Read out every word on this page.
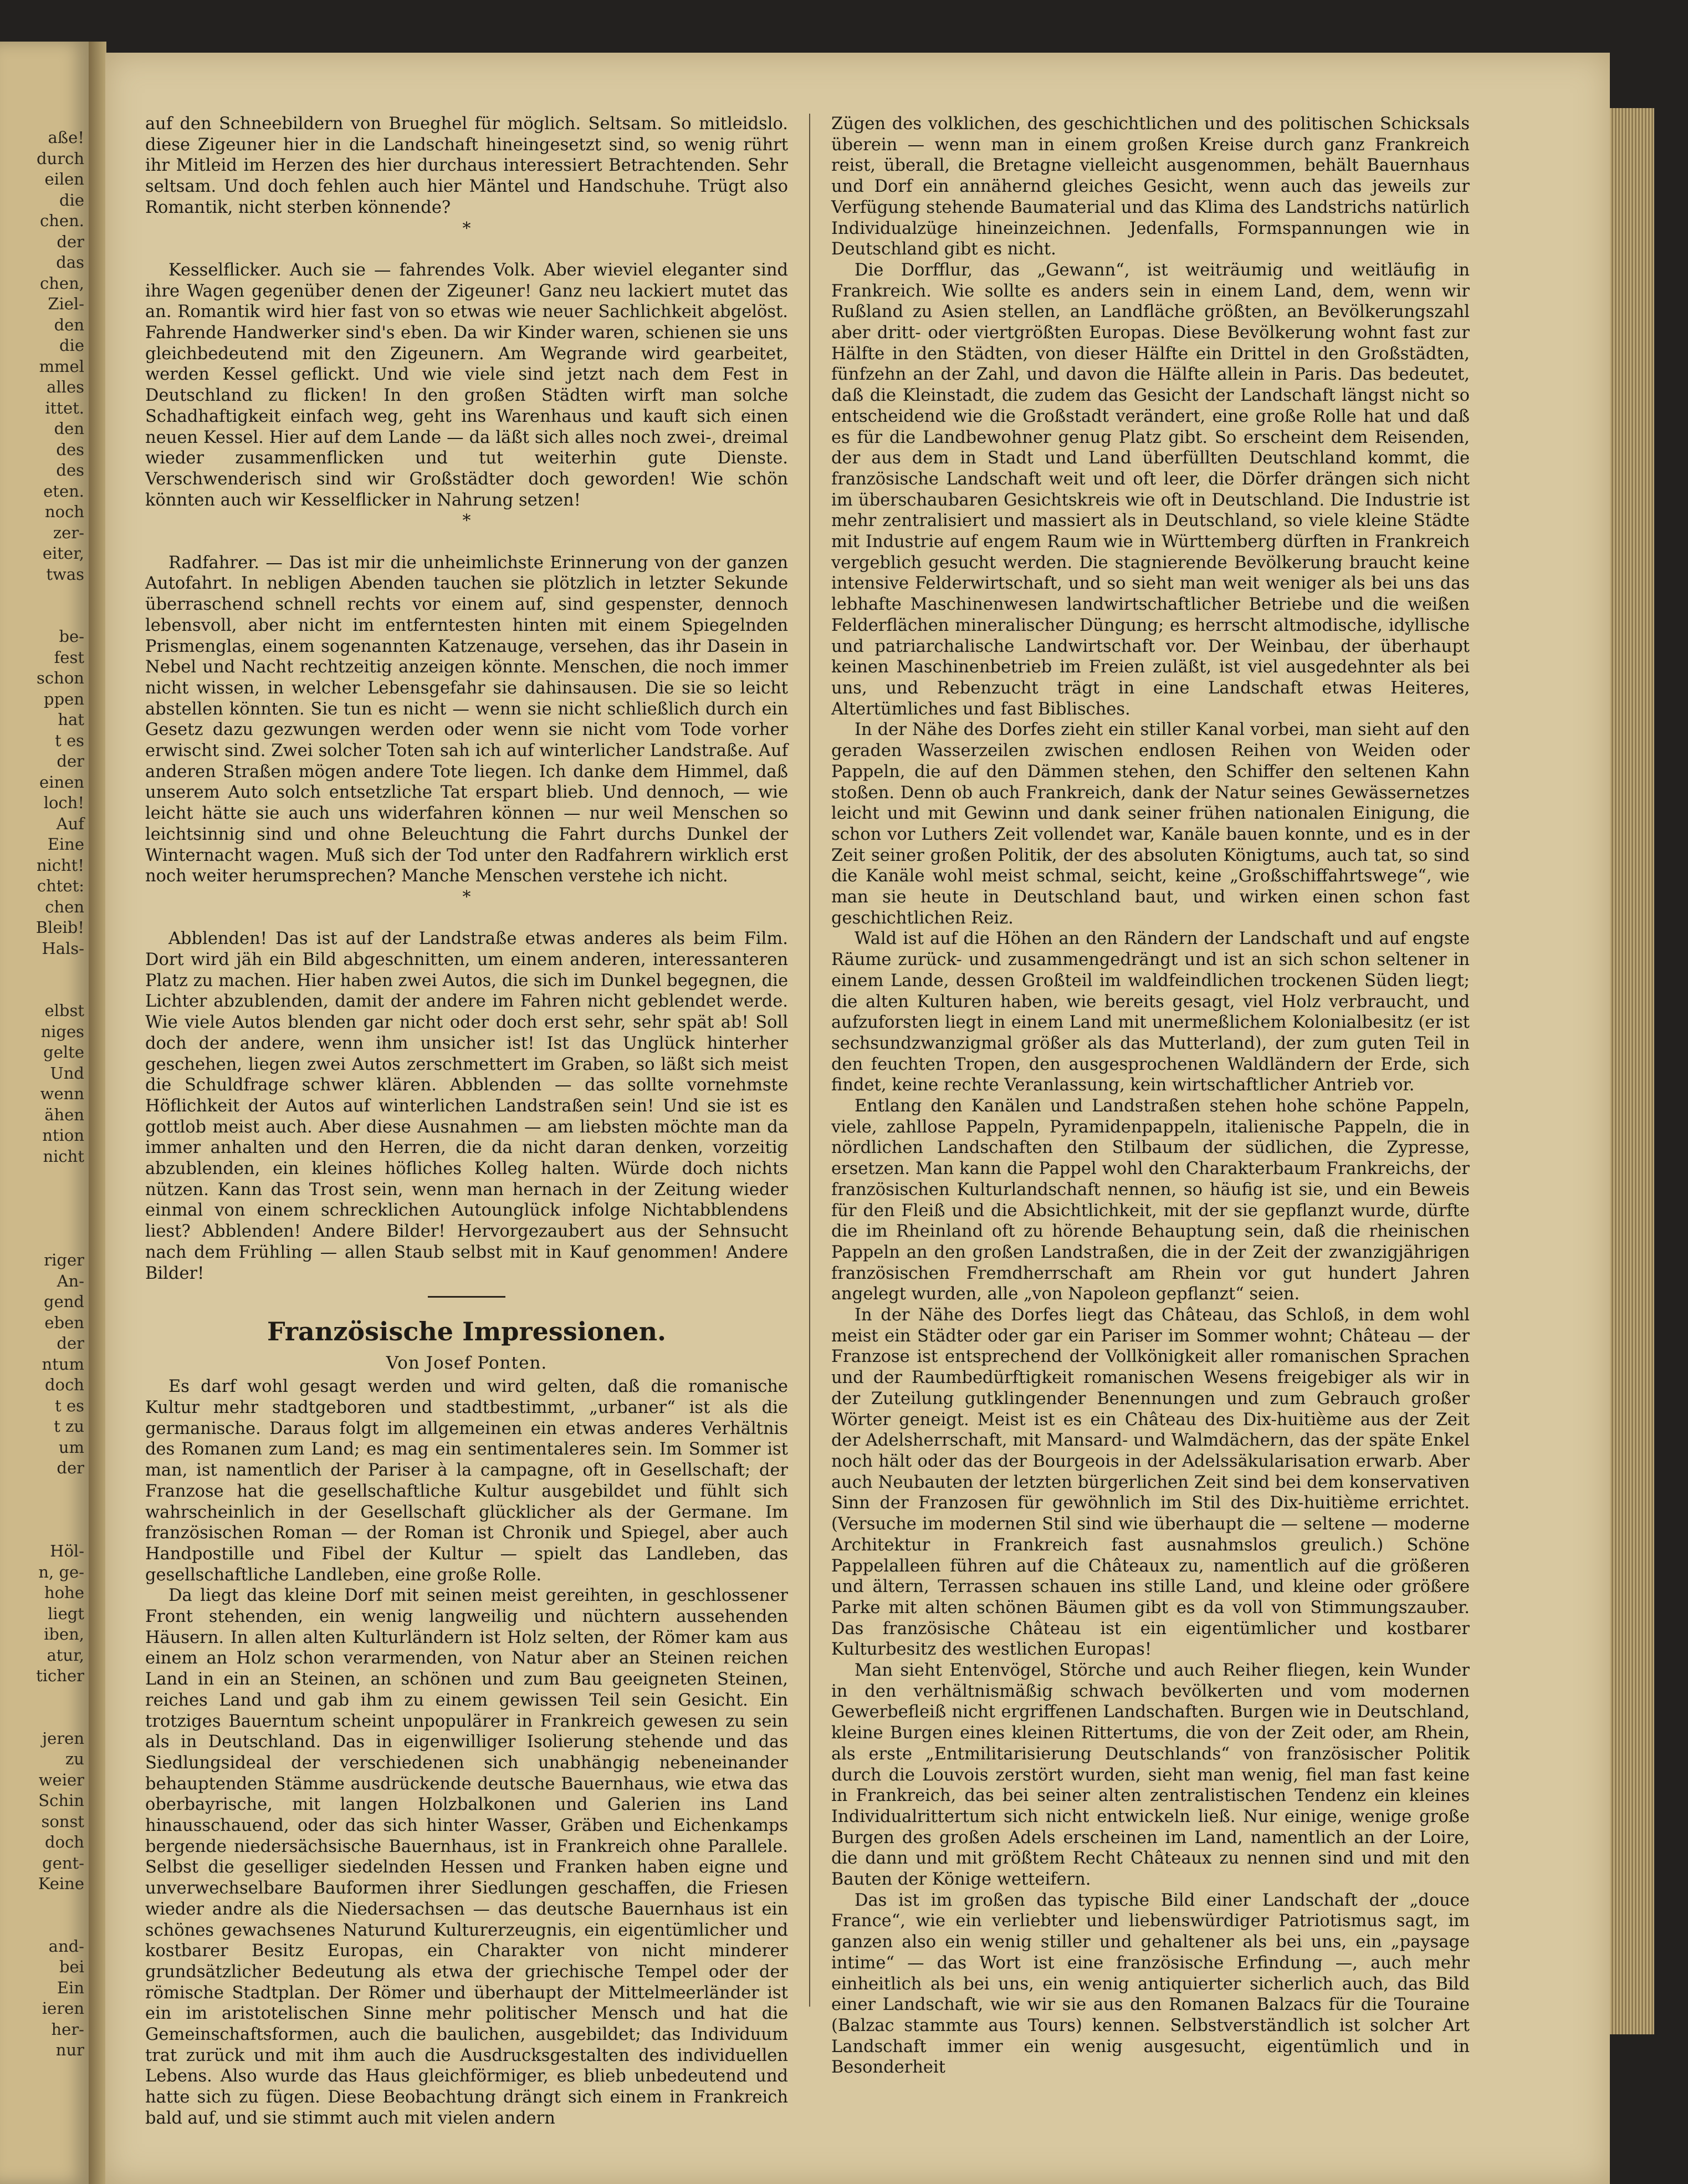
aße!
durch
eilen
die
chen.
der
das
chen,
Ziel-
den
die
mmel
alles
ittet.
den
des
des
eten.
noch
zer-
eiter,
twas
be-
fest
schon
ppen
hat
t es
der
einen
loch!
Auf
Eine
nicht!
chtet:
chen
Bleib!
Hals-
elbst
niges
gelte
Und
wenn
ähen
ntion
nicht
riger
An-
gend
eben
der
ntum
doch
t es
t zu
um
der
Höl-
n, ge-
hohe
liegt
iben,
atur,
ticher
jeren
zu
weier
Schin
sonst
doch
gent-
Keine
and-
bei
Ein
ieren
her-
nur

auf den Schneebildern von Brueghel für möglich. Seltsam. So mitleidslo. diese Zigeuner hier in die Landschaft hineingesetzt sind, so wenig rührt ihr Mitleid im Herzen des hier durchaus interessiert Betrachtenden. Sehr seltsam. Und doch fehlen auch hier Mäntel und Handschuhe. Trügt also Romantik, nicht sterben könnende?

*

Kesselflicker. Auch sie — fahrendes Volk. Aber wieviel eleganter sind ihre Wagen gegenüber denen der Zigeuner! Ganz neu lackiert mutet das an. Romantik wird hier fast von so etwas wie neuer Sachlichkeit abgelöst. Fahrende Handwerker sind's eben. Da wir Kinder waren, schienen sie uns gleichbedeutend mit den Zigeunern. Am Wegrande wird gearbeitet, werden Kessel geflickt. Und wie viele sind jetzt nach dem Fest in Deutschland zu flicken! In den großen Städten wirft man solche Schadhaftigkeit einfach weg, geht ins Warenhaus und kauft sich einen neuen Kessel. Hier auf dem Lande — da läßt sich alles noch zwei-, dreimal wieder zusammenflicken und tut weiterhin gute Dienste. Verschwenderisch sind wir Großstädter doch geworden! Wie schön könnten auch wir Kesselflicker in Nahrung setzen!

*

Radfahrer. — Das ist mir die unheimlichste Erinnerung von der ganzen Autofahrt. In nebligen Abenden tauchen sie plötzlich in letzter Sekunde überraschend schnell rechts vor einem auf, sind gespenster, dennoch lebensvoll, aber nicht im entferntesten hinten mit einem Spiegelnden Prismenglas, einem sogenannten Katzenauge, versehen, das ihr Dasein in Nebel und Nacht rechtzeitig anzeigen könnte. Menschen, die noch immer nicht wissen, in welcher Lebensgefahr sie dahinsausen. Die sie so leicht abstellen könnten. Sie tun es nicht — wenn sie nicht schließlich durch ein Gesetz dazu gezwungen werden oder wenn sie nicht vom Tode vorher erwischt sind. Zwei solcher Toten sah ich auf winterlicher Landstraße. Auf anderen Straßen mögen andere Tote liegen. Ich danke dem Himmel, daß unserem Auto solch entsetzliche Tat erspart blieb. Und dennoch, — wie leicht hätte sie auch uns widerfahren können — nur weil Menschen so leichtsinnig sind und ohne Beleuchtung die Fahrt durchs Dunkel der Winternacht wagen. Muß sich der Tod unter den Radfahrern wirklich erst noch weiter herumsprechen? Manche Menschen verstehe ich nicht.

*

Abblenden! Das ist auf der Landstraße etwas anderes als beim Film. Dort wird jäh ein Bild abgeschnitten, um einem anderen, interessanteren Platz zu machen. Hier haben zwei Autos, die sich im Dunkel begegnen, die Lichter abzublenden, damit der andere im Fahren nicht geblendet werde. Wie viele Autos blenden gar nicht oder doch erst sehr, sehr spät ab! Soll doch der andere, wenn ihm unsicher ist! Ist das Unglück hinterher geschehen, liegen zwei Autos zerschmettert im Graben, so läßt sich meist die Schuldfrage schwer klären. Abblenden — das sollte vornehmste Höflichkeit der Autos auf winterlichen Landstraßen sein! Und sie ist es gottlob meist auch. Aber diese Ausnahmen — am liebsten möchte man da immer anhalten und den Herren, die da nicht daran denken, vorzeitig abzublenden, ein kleines höfliches Kolleg halten. Würde doch nichts nützen. Kann das Trost sein, wenn man hernach in der Zeitung wieder einmal von einem schrecklichen Autounglück infolge Nichtabblendens liest? Abblenden! Andere Bilder! Hervorgezaubert aus der Sehnsucht nach dem Frühling — allen Staub selbst mit in Kauf genommen! Andere Bilder!

Französische Impressionen.
Von Josef Ponten.

Es darf wohl gesagt werden und wird gelten, daß die romanische Kultur mehr stadtgeboren und stadtbestimmt, „urbaner“ ist als die germanische. Daraus folgt im allgemeinen ein etwas anderes Verhältnis des Romanen zum Land; es mag ein sentimentaleres sein. Im Sommer ist man, ist namentlich der Pariser à la campagne, oft in Gesellschaft; der Franzose hat die gesellschaftliche Kultur ausgebildet und fühlt sich wahrscheinlich in der Gesellschaft glücklicher als der Germane. Im französischen Roman — der Roman ist Chronik und Spiegel, aber auch Handpostille und Fibel der Kultur — spielt das Landleben, das gesellschaftliche Landleben, eine große Rolle.

Da liegt das kleine Dorf mit seinen meist gereihten, in geschlossener Front stehenden, ein wenig langweilig und nüchtern aussehenden Häusern. In allen alten Kulturländern ist Holz selten, der Römer kam aus einem an Holz schon verarmenden, von Natur aber an Steinen reichen Land in ein an Steinen, an schönen und zum Bau geeigneten Steinen, reiches Land und gab ihm zu einem gewissen Teil sein Gesicht. Ein trotziges Bauerntum scheint unpopulärer in Frankreich gewesen zu sein als in Deutschland. Das in eigenwilliger Isolierung stehende und das Siedlungsideal der verschiedenen sich unabhängig nebeneinander behauptenden Stämme ausdrückende deutsche Bauernhaus, wie etwa das oberbayrische, mit langen Holzbalkonen und Galerien ins Land hinausschauend, oder das sich hinter Wasser, Gräben und Eichenkamps bergende niedersächsische Bauernhaus, ist in Frankreich ohne Parallele. Selbst die geselliger siedelnden Hessen und Franken haben eigne und unverwechselbare Bauformen ihrer Siedlungen geschaffen, die Friesen wieder andre als die Niedersachsen — das deutsche Bauernhaus ist ein schönes gewachsenes Naturund Kulturerzeugnis, ein eigentümlicher und kostbarer Besitz Europas, ein Charakter von nicht minderer grundsätzlicher Bedeutung als etwa der griechische Tempel oder der römische Stadtplan. Der Römer und überhaupt der Mittelmeerländer ist ein im aristotelischen Sinne mehr politischer Mensch und hat die Gemeinschaftsformen, auch die baulichen, ausgebildet; das Individuum trat zurück und mit ihm auch die Ausdrucksgestalten des individuellen Lebens. Also wurde das Haus gleichförmiger, es blieb unbedeutend und hatte sich zu fügen. Diese Beobachtung drängt sich einem in Frankreich bald auf, und sie stimmt auch mit vielen andern

Zügen des volklichen, des geschichtlichen und des politischen Schicksals überein — wenn man in einem großen Kreise durch ganz Frankreich reist, überall, die Bretagne vielleicht ausgenommen, behält Bauernhaus und Dorf ein annähernd gleiches Gesicht, wenn auch das jeweils zur Verfügung stehende Baumaterial und das Klima des Landstrichs natürlich Individualzüge hineinzeichnen. Jedenfalls, Formspannungen wie in Deutschland gibt es nicht.

Die Dorfflur, das „Gewann“, ist weiträumig und weitläufig in Frankreich. Wie sollte es anders sein in einem Land, dem, wenn wir Rußland zu Asien stellen, an Landfläche größten, an Bevölkerungszahl aber dritt- oder viertgrößten Europas. Diese Bevölkerung wohnt fast zur Hälfte in den Städten, von dieser Hälfte ein Drittel in den Großstädten, fünfzehn an der Zahl, und davon die Hälfte allein in Paris. Das bedeutet, daß die Kleinstadt, die zudem das Gesicht der Landschaft längst nicht so entscheidend wie die Großstadt verändert, eine große Rolle hat und daß es für die Landbewohner genug Platz gibt. So erscheint dem Reisenden, der aus dem in Stadt und Land überfüllten Deutschland kommt, die französische Landschaft weit und oft leer, die Dörfer drängen sich nicht im überschaubaren Gesichtskreis wie oft in Deutschland. Die Industrie ist mehr zentralisiert und massiert als in Deutschland, so viele kleine Städte mit Industrie auf engem Raum wie in Württemberg dürften in Frankreich vergeblich gesucht werden. Die stagnierende Bevölkerung braucht keine intensive Felderwirtschaft, und so sieht man weit weniger als bei uns das lebhafte Maschinenwesen landwirtschaftlicher Betriebe und die weißen Felderflächen mineralischer Düngung; es herrscht altmodische, idyllische und patriarchalische Landwirtschaft vor. Der Weinbau, der überhaupt keinen Maschinenbetrieb im Freien zuläßt, ist viel ausgedehnter als bei uns, und Rebenzucht trägt in eine Landschaft etwas Heiteres, Altertümliches und fast Biblisches.

In der Nähe des Dorfes zieht ein stiller Kanal vorbei, man sieht auf den geraden Wasserzeilen zwischen endlosen Reihen von Weiden oder Pappeln, die auf den Dämmen stehen, den Schiffer den seltenen Kahn stoßen. Denn ob auch Frankreich, dank der Natur seines Gewässernetzes leicht und mit Gewinn und dank seiner frühen nationalen Einigung, die schon vor Luthers Zeit vollendet war, Kanäle bauen konnte, und es in der Zeit seiner großen Politik, der des absoluten Königtums, auch tat, so sind die Kanäle wohl meist schmal, seicht, keine „Großschiffahrtswege“, wie man sie heute in Deutschland baut, und wirken einen schon fast geschichtlichen Reiz.

Wald ist auf die Höhen an den Rändern der Landschaft und auf engste Räume zurück- und zusammengedrängt und ist an sich schon seltener in einem Lande, dessen Großteil im waldfeindlichen trockenen Süden liegt; die alten Kulturen haben, wie bereits gesagt, viel Holz verbraucht, und aufzuforsten liegt in einem Land mit unermeßlichem Kolonialbesitz (er ist sechsundzwanzigmal größer als das Mutterland), der zum guten Teil in den feuchten Tropen, den ausgesprochenen Waldländern der Erde, sich findet, keine rechte Veranlassung, kein wirtschaftlicher Antrieb vor.

Entlang den Kanälen und Landstraßen stehen hohe schöne Pappeln, viele, zahllose Pappeln, Pyramidenpappeln, italienische Pappeln, die in nördlichen Landschaften den Stilbaum der südlichen, die Zypresse, ersetzen. Man kann die Pappel wohl den Charakterbaum Frankreichs, der französischen Kulturlandschaft nennen, so häufig ist sie, und ein Beweis für den Fleiß und die Absichtlichkeit, mit der sie gepflanzt wurde, dürfte die im Rheinland oft zu hörende Behauptung sein, daß die rheinischen Pappeln an den großen Landstraßen, die in der Zeit der zwanzigjährigen französischen Fremdherrschaft am Rhein vor gut hundert Jahren angelegt wurden, alle „von Napoleon gepflanzt“ seien.

In der Nähe des Dorfes liegt das Château, das Schloß, in dem wohl meist ein Städter oder gar ein Pariser im Sommer wohnt; Château — der Franzose ist entsprechend der Vollkönigkeit aller romanischen Sprachen und der Raumbedürftigkeit romanischen Wesens freigebiger als wir in der Zuteilung gutklingender Benennungen und zum Gebrauch großer Wörter geneigt. Meist ist es ein Château des Dix-huitième aus der Zeit der Adelsherrschaft, mit Mansard- und Walmdächern, das der späte Enkel noch hält oder das der Bourgeois in der Adelssäkularisation erwarb. Aber auch Neubauten der letzten bürgerlichen Zeit sind bei dem konservativen Sinn der Franzosen für gewöhnlich im Stil des Dix-huitième errichtet. (Versuche im modernen Stil sind wie überhaupt die — seltene — moderne Architektur in Frankreich fast ausnahmslos greulich.) Schöne Pappelalleen führen auf die Châteaux zu, namentlich auf die größeren und ältern, Terrassen schauen ins stille Land, und kleine oder größere Parke mit alten schönen Bäumen gibt es da voll von Stimmungszauber. Das französische Château ist ein eigentümlicher und kostbarer Kulturbesitz des westlichen Europas!

Man sieht Entenvögel, Störche und auch Reiher fliegen, kein Wunder in den verhältnismäßig schwach bevölkerten und vom modernen Gewerbefleiß nicht ergriffenen Landschaften. Burgen wie in Deutschland, kleine Burgen eines kleinen Rittertums, die von der Zeit oder, am Rhein, als erste „Entmilitarisierung Deutschlands“ von französischer Politik durch die Louvois zerstört wurden, sieht man wenig, fiel man fast keine in Frankreich, das bei seiner alten zentralistischen Tendenz ein kleines Individualrittertum sich nicht entwickeln ließ. Nur einige, wenige große Burgen des großen Adels erscheinen im Land, namentlich an der Loire, die dann und mit größtem Recht Châteaux zu nennen sind und mit den Bauten der Könige wetteifern.

Das ist im großen das typische Bild einer Landschaft der „douce France“, wie ein verliebter und liebenswürdiger Patriotismus sagt, im ganzen also ein wenig stiller und gehaltener als bei uns, ein „paysage intime“ — das Wort ist eine französische Erfindung —, auch mehr einheitlich als bei uns, ein wenig antiquierter sicherlich auch, das Bild einer Landschaft, wie wir sie aus den Romanen Balzacs für die Touraine (Balzac stammte aus Tours) kennen. Selbstverständlich ist solcher Art Landschaft immer ein wenig ausgesucht, eigentümlich und in Besonderheit
